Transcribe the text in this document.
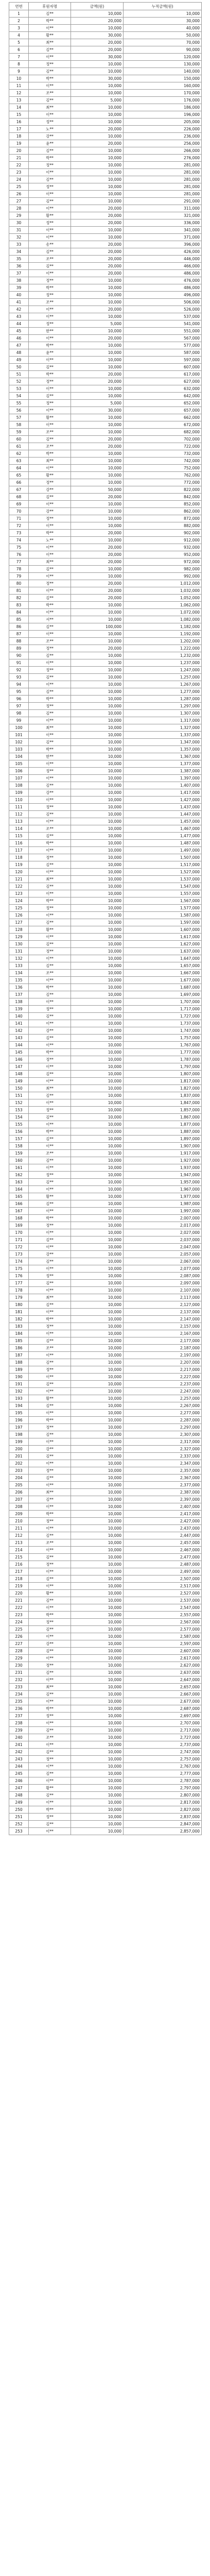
연번	후원자명	금액(원)	누적금액(원)
1	김**	10,000	10,000
2	박**	20,000	30,000
3	이**	10,000	40,000
4	황**	30,000	50,000
5	최**	20,000	70,000
6	김**	20,000	90,000
7	이**	30,000	120,000
8	정**	10,000	130,000
9	김**	10,000	140,000
10	박**	30,000	150,000
11	이**	10,000	160,000
12	조**	10,000	170,000
13	김**	5,000	176,000
14	최**	10,000	186,000
15	이**	10,000	196,000
16	정**	10,000	205,000
17	노**	20,000	226,000
18	강**	10,000	236,000
19	윤**	20,000	256,000
20	김**	10,000	266,000
21	박**	10,000	276,000
22	정**	10,000	281,000
23	이**	10,000	281,000
24	김**	10,000	281,000
25	정**	10,000	281,000
26	이**	10,000	281,000
27	김**	10,000	291,000
28	이**	20,000	311,000
29	황**	20,000	321,000
30	정**	20,000	336,000
31	이**	10,000	341,000
32	이**	10,000	371,000
33	송**	20,000	396,000
34	김**	20,000	426,000
35	조**	20,000	446,000
36	김**	20,000	466,000
37	이**	20,000	486,000
38	정**	10,000	476,000
39	박**	10,000	486,000
40	정**	10,000	496,000
41	조**	10,000	506,000
42	이**	20,000	526,000
43	이**	10,000	537,000
44	정**	5,000	541,000
45	한**	10,000	551,000
46	이**	20,000	567,000
47	박**	10,000	577,000
48	윤**	10,000	587,000
49	이**	10,000	597,000
50	김**	10,000	607,000
51	박**	20,000	617,000
52	정**	20,000	627,000
53	이**	10,000	632,000
54	김**	10,000	642,000
55	정**	5,000	652,000
56	이**	30,000	657,000
57	황**	10,000	662,000
58	이**	10,000	672,000
59	조**	10,000	682,000
60	김**	20,000	702,000
61	조**	20,000	722,000
62	박**	10,000	732,000
63	최**	10,000	742,000
64	이**	10,000	752,000
65	황**	10,000	762,000
66	정**	10,000	772,000
67	강**	50,000	822,000
68	김**	20,000	842,000
69	이**	10,000	852,000
70	강**	10,000	862,000
71	정**	10,000	872,000
72	이**	10,000	882,000
73	박**	20,000	902,000
74	노**	10,000	912,000
75	이**	20,000	932,000
76	이**	20,000	952,000
77	최**	20,000	972,000
78	김**	10,000	982,000
79	이**	10,000	992,000
80	정**	20,000	1,012,000
81	이**	20,000	1,032,000
82	김**	20,000	1,052,000
83	박**	10,000	1,062,000
84	이**	10,000	1,072,000
85	서**	10,000	1,082,000
86	김**	100,000	1,182,000
87	이**	10,000	1,192,000
88	조**	10,000	1,202,000
89	정**	20,000	1,222,000
90	김**	10,000	1,232,000
91	이**	10,000	1,237,000
92	정**	10,000	1,247,000
93	김**	10,000	1,257,000
94	이**	10,000	1,267,000
95	김**	10,000	1,277,000
96	박**	10,000	1,287,000
97	정**	10,000	1,297,000
98	김**	10,000	1,307,000
99	이**	10,000	1,317,000
100	최**	10,000	1,327,000
101	이**	10,000	1,337,000
102	김**	10,000	1,347,000
103	박**	10,000	1,357,000
104	한**	10,000	1,367,000
105	이**	10,000	1,377,000
106	정**	10,000	1,387,000
107	이**	10,000	1,397,000
108	김**	10,000	1,407,000
109	강**	10,000	1,417,000
110	이**	10,000	1,427,000
111	정**	10,000	1,437,000
112	김**	10,000	1,447,000
113	이**	10,000	1,457,000
114	조**	10,000	1,467,000
115	김**	10,000	1,477,000
116	박**	10,000	1,487,000
117	이**	10,000	1,497,000
118	정**	10,000	1,507,000
119	김**	10,000	1,517,000
120	이**	10,000	1,527,000
121	최**	10,000	1,537,000
122	김**	10,000	1,547,000
123	이**	10,000	1,557,000
124	박**	10,000	1,567,000
125	정**	10,000	1,577,000
126	이**	10,000	1,587,000
127	김**	10,000	1,597,000
128	황**	10,000	1,607,000
129	이**	10,000	1,617,000
130	김**	10,000	1,627,000
131	정**	10,000	1,637,000
132	이**	10,000	1,647,000
133	김**	10,000	1,657,000
134	조**	10,000	1,667,000
135	이**	10,000	1,677,000
136	박**	10,000	1,687,000
137	김**	10,000	1,697,000
138	이**	10,000	1,707,000
139	정**	10,000	1,717,000
140	김**	10,000	1,727,000
141	이**	10,000	1,737,000
142	강**	10,000	1,747,000
143	김**	10,000	1,757,000
144	이**	10,000	1,767,000
145	박**	10,000	1,777,000
146	정**	10,000	1,787,000
147	이**	10,000	1,797,000
148	김**	10,000	1,807,000
149	이**	10,000	1,817,000
150	최**	10,000	1,827,000
151	김**	10,000	1,837,000
152	이**	10,000	1,847,000
153	정**	10,000	1,857,000
154	김**	10,000	1,867,000
155	이**	10,000	1,877,000
156	박**	10,000	1,887,000
157	김**	10,000	1,897,000
158	이**	10,000	1,907,000
159	조**	10,000	1,917,000
160	김**	10,000	1,927,000
161	이**	10,000	1,937,000
162	정**	10,000	1,947,000
163	김**	10,000	1,957,000
164	이**	10,000	1,967,000
165	황**	10,000	1,977,000
166	김**	10,000	1,987,000
167	이**	10,000	1,997,000
168	박**	10,000	2,007,000
169	정**	10,000	2,017,000
170	이**	10,000	2,027,000
171	김**	10,000	2,037,000
172	이**	10,000	2,047,000
173	강**	10,000	2,057,000
174	김**	10,000	2,067,000
175	이**	10,000	2,077,000
176	정**	10,000	2,087,000
177	김**	10,000	2,097,000
178	이**	10,000	2,107,000
179	최**	10,000	2,117,000
180	김**	10,000	2,127,000
181	이**	10,000	2,137,000
182	박**	10,000	2,147,000
183	정**	10,000	2,157,000
184	이**	10,000	2,167,000
185	김**	10,000	2,177,000
186	조**	10,000	2,187,000
187	이**	10,000	2,197,000
188	김**	10,000	2,207,000
189	정**	10,000	2,217,000
190	이**	10,000	2,227,000
191	김**	10,000	2,237,000
192	이**	10,000	2,247,000
193	황**	10,000	2,257,000
194	김**	10,000	2,267,000
195	이**	10,000	2,277,000
196	박**	10,000	2,287,000
197	정**	10,000	2,297,000
198	김**	10,000	2,307,000
199	이**	10,000	2,317,000
200	강**	10,000	2,327,000
201	김**	10,000	2,337,000
202	이**	10,000	2,347,000
203	정**	10,000	2,357,000
204	김**	10,000	2,367,000
205	이**	10,000	2,377,000
206	최**	10,000	2,387,000
207	김**	10,000	2,397,000
208	이**	10,000	2,407,000
209	박**	10,000	2,417,000
210	정**	10,000	2,427,000
211	이**	10,000	2,437,000
212	김**	10,000	2,447,000
213	조**	10,000	2,457,000
214	이**	10,000	2,467,000
215	김**	10,000	2,477,000
216	정**	10,000	2,487,000
217	이**	10,000	2,497,000
218	김**	10,000	2,507,000
219	이**	10,000	2,517,000
220	황**	10,000	2,527,000
221	김**	10,000	2,537,000
222	이**	10,000	2,547,000
223	박**	10,000	2,557,000
224	정**	10,000	2,567,000
225	김**	10,000	2,577,000
226	이**	10,000	2,587,000
227	강**	10,000	2,597,000
228	김**	10,000	2,607,000
229	이**	10,000	2,617,000
230	정**	10,000	2,627,000
231	김**	10,000	2,637,000
232	이**	10,000	2,647,000
233	최**	10,000	2,657,000
234	김**	10,000	2,667,000
235	이**	10,000	2,677,000
236	박**	10,000	2,687,000
237	정**	10,000	2,697,000
238	이**	10,000	2,707,000
239	김**	10,000	2,717,000
240	조**	10,000	2,727,000
241	이**	10,000	2,737,000
242	김**	10,000	2,747,000
243	정**	10,000	2,757,000
244	이**	10,000	2,767,000
245	김**	10,000	2,777,000
246	이**	10,000	2,787,000
247	황**	10,000	2,797,000
248	김**	10,000	2,807,000
249	이**	10,000	2,817,000
250	박**	10,000	2,827,000
251	정**	10,000	2,837,000
252	김**	10,000	2,847,000
253	이**	10,000	2,857,000
